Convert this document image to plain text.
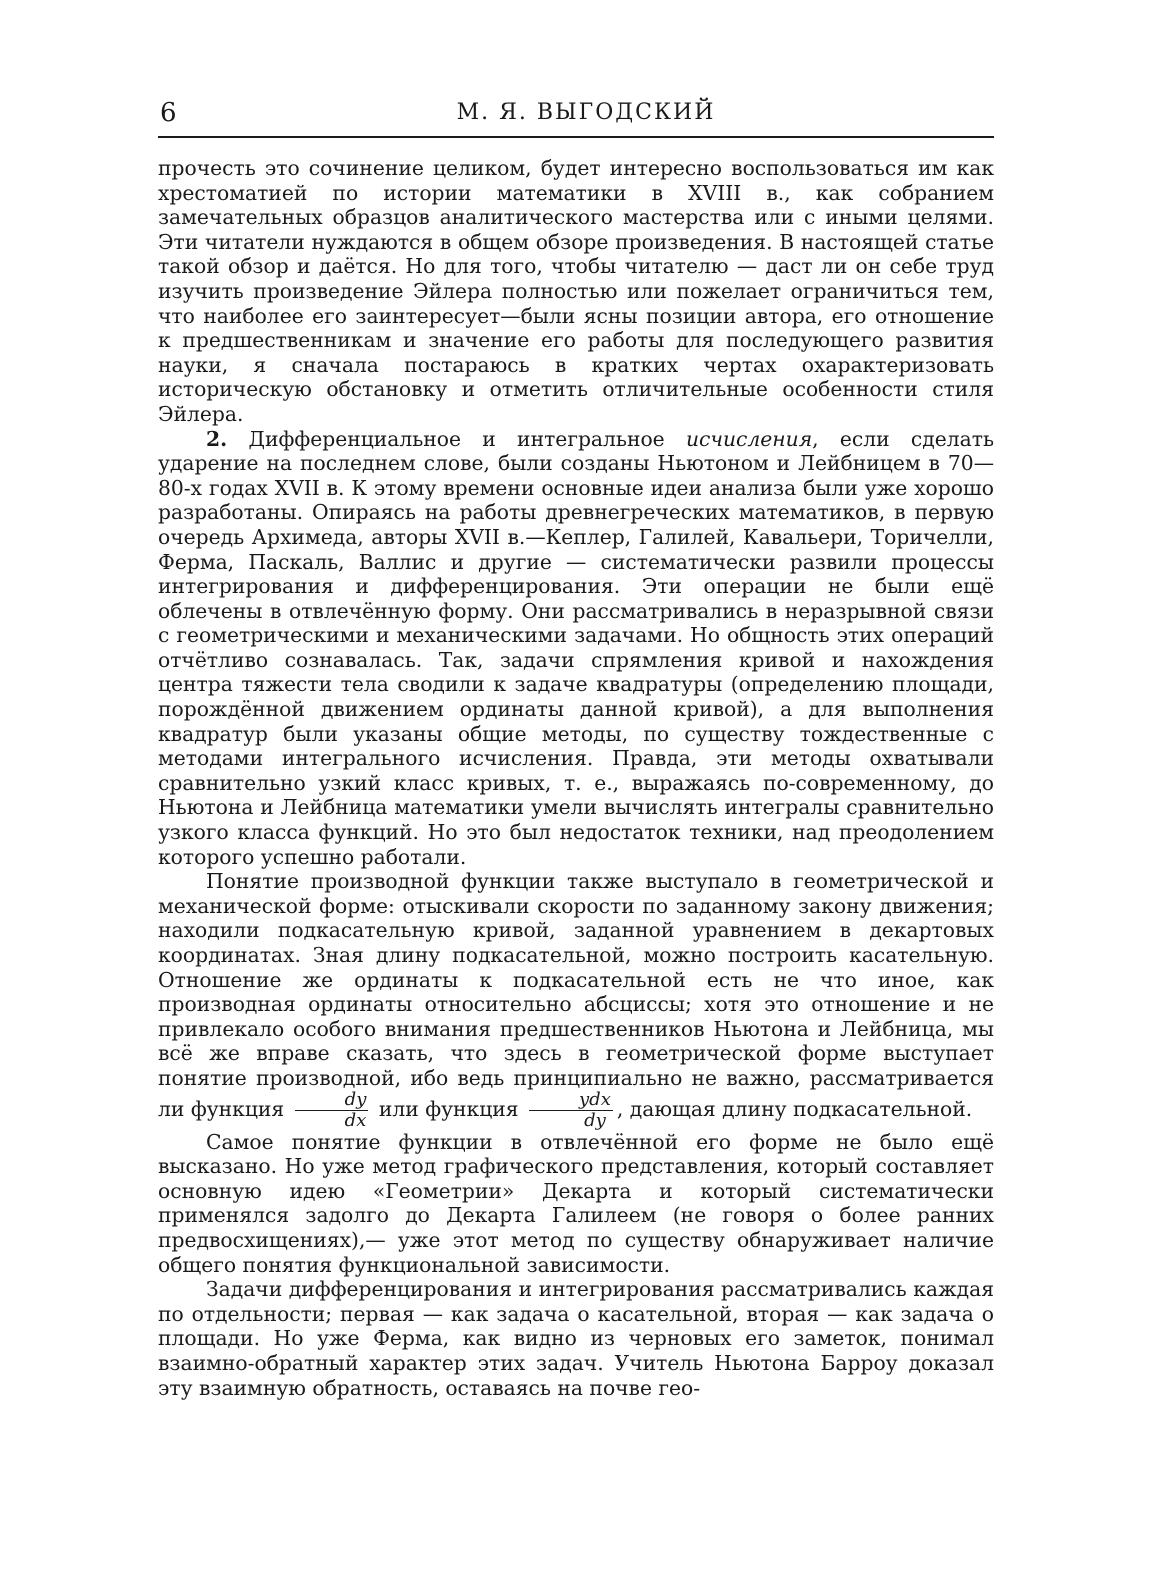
6	М. Я. ВЫГОДСКИЙ

прочесть это сочинение целиком, будет интересно воспользоваться им как хрестоматией по истории математики в XVIII в., как собранием замечательных образцов аналитического мастерства или с иными целями. Эти читатели нуждаются в общем обзоре произведения. В настоящей статье такой обзор и даётся. Но для того, чтобы читателю — даст ли он себе труд изучить произведение Эйлера полностью или пожелает ограничиться тем, что наиболее его заинтересует—были ясны позиции автора, его отношение к предшественникам и значение его работы для последующего развития науки, я сначала постараюсь в кратких чертах охарактеризовать историческую обстановку и отметить отличительные особенности стиля Эйлера.

2. Дифференциальное и интегральное исчисления, если сделать ударение на последнем слове, были созданы Ньютоном и Лейбницем в 70—80-х годах XVII в. К этому времени основные идеи анализа были уже хорошо разработаны. Опираясь на работы древнегреческих математиков, в первую очередь Архимеда, авторы XVII в.—Кеплер, Галилей, Кавальери, Торичелли, Ферма, Паскаль, Валлис и другие — систематически развили процессы интегрирования и дифференцирования. Эти операции не были ещё облечены в отвлечённую форму. Они рассматривались в неразрывной связи с геометрическими и механическими задачами. Но общность этих операций отчётливо сознавалась. Так, задачи спрямления кривой и нахождения центра тяжести тела сводили к задаче квадратуры (определению площади, порождённой движением ординаты данной кривой), а для выполнения квадратур были указаны общие методы, по существу тождественные с методами интегрального исчисления. Правда, эти методы охватывали сравнительно узкий класс кривых, т. е., выражаясь по-современному, до Ньютона и Лейбница математики умели вычислять интегралы сравнительно узкого класса функций. Но это был недостаток техники, над преодолением которого успешно работали.

Понятие производной функции также выступало в геометрической и механической форме: отыскивали скорости по заданному закону движения; находили подкасательную кривой, заданной уравнением в декартовых координатах. Зная длину подкасательной, можно построить касательную. Отношение же ординаты к подкасательной есть не что иное, как производная ординаты относительно абсциссы; хотя это отношение и не привлекало особого внимания предшественников Ньютона и Лейбница, мы всё же вправе сказать, что здесь в геометрической форме выступает понятие производной, ибо ведь принципиально не важно, рассматривается ли функция $\frac{dy}{dx}$ или функция $\frac{\text{ydx}}{dy}$ , дающая длину подкасательной.

Самое понятие функции в отвлечённой его форме не было ещё высказано. Но уже метод графического представления, который составляет основную идею «Геометрии» Декарта и который систематически применялся задолго до Декарта Галилеем (не говоря о более ранних предвосхищениях),— уже этот метод по существу обнаруживает наличие общего понятия функциональной зависимости.

Задачи дифференцирования и интегрирования рассматривались каждая по отдельности; первая — как задача о касательной, вторая — как задача о площади. Но уже Ферма, как видно из черновых его заметок, понимал взаимно-обратный характер этих задач. Учитель Ньютона Барроу доказал эту взаимную обратность, оставаясь на почве гео-
